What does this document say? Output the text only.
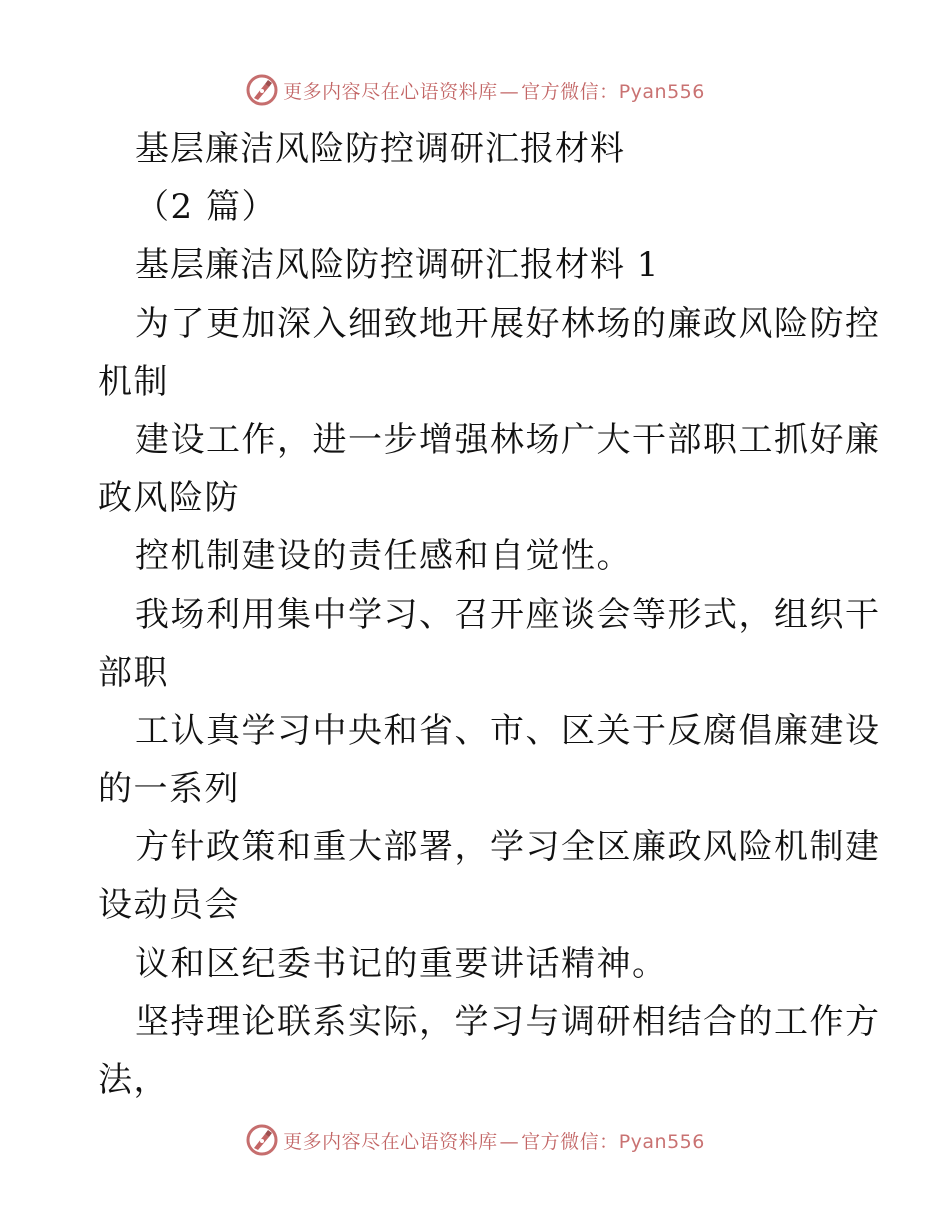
更多内容尽在心语资料库 — 官方微信：Pyan556
基层廉洁风险防控调研汇报材料
（2 篇）
基层廉洁风险防控调研汇报材料 1
为了更加深入细致地开展好林场的廉政风险防控
机制
建设工作，进一步增强林场广大干部职工抓好廉
政风险防
控机制建设的责任感和自觉性。
我场利用集中学习、召开座谈会等形式，组织干
部职
工认真学习中央和省、市、区关于反腐倡廉建设
的一系列
方针政策和重大部署，学习全区廉政风险机制建
设动员会
议和区纪委书记的重要讲话精神。
坚持理论联系实际，学习与调研相结合的工作方
法，
更多内容尽在心语资料库 — 官方微信：Pyan556
